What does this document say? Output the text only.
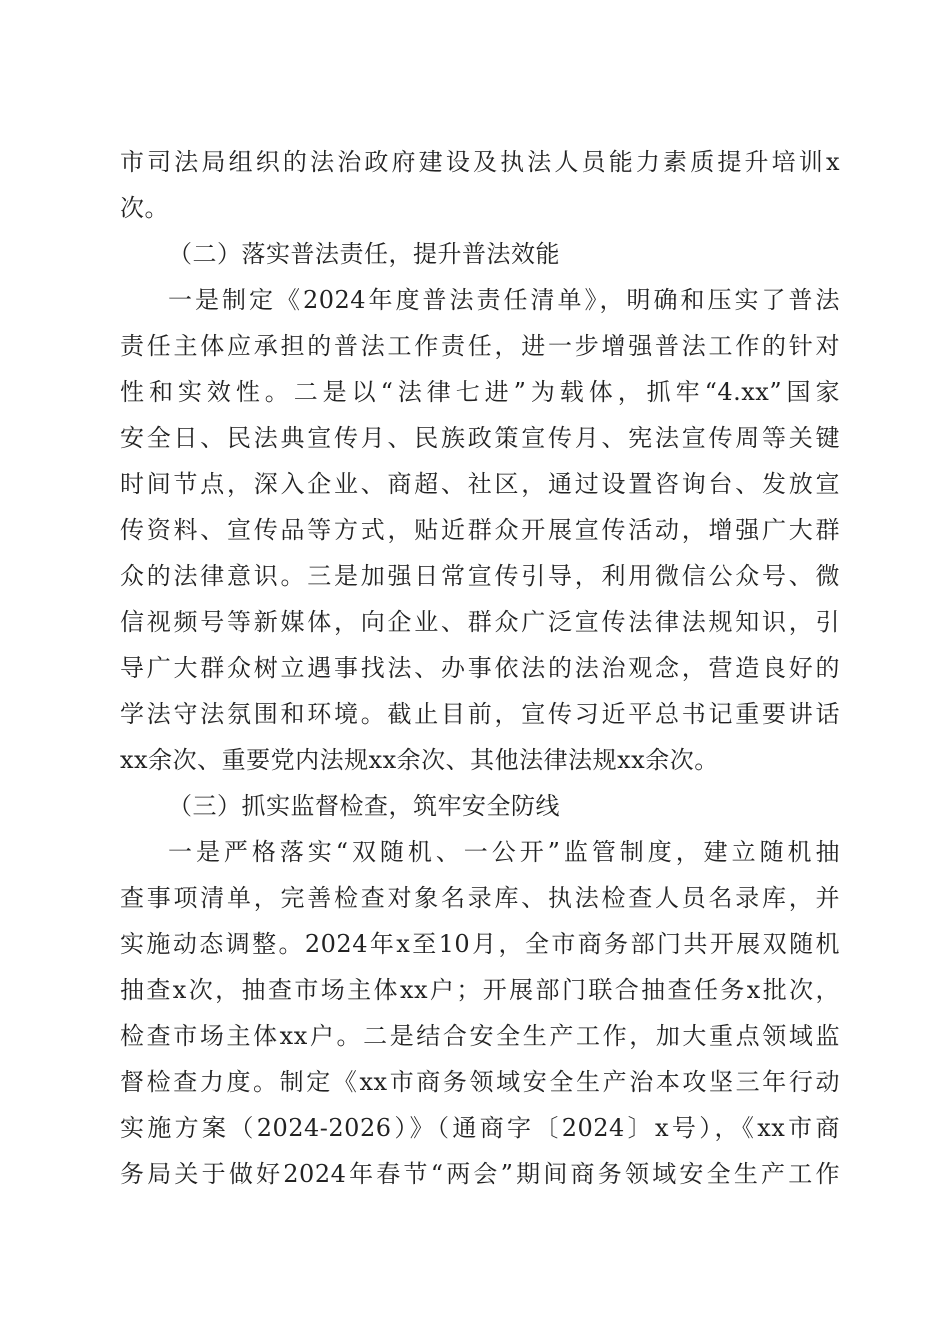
市司法局组织的法治政府建设及执法人员能力素质提升培训x
次。
（二）落实普法责任，提升普法效能
一是制定《2024年度普法责任清单》，明确和压实了普法
责任主体应承担的普法工作责任，进一步增强普法工作的针对
性和实效性。二是以“法律七进”为载体，抓牢“4.xx”国家
安全日、民法典宣传月、民族政策宣传月、宪法宣传周等关键
时间节点，深入企业、商超、社区，通过设置咨询台、发放宣
传资料、宣传品等方式，贴近群众开展宣传活动，增强广大群
众的法律意识。三是加强日常宣传引导，利用微信公众号、微
信视频号等新媒体，向企业、群众广泛宣传法律法规知识，引
导广大群众树立遇事找法、办事依法的法治观念，营造良好的
学法守法氛围和环境。截止目前，宣传习近平总书记重要讲话
xx余次、重要党内法规xx余次、其他法律法规xx余次。
（三）抓实监督检查，筑牢安全防线
一是严格落实“双随机、一公开”监管制度，建立随机抽
查事项清单，完善检查对象名录库、执法检查人员名录库，并
实施动态调整。2024年x至10月，全市商务部门共开展双随机
抽查x次，抽查市场主体xx户；开展部门联合抽查任务x批次，
检查市场主体xx户。二是结合安全生产工作，加大重点领域监
督检查力度。制定《xx市商务领域安全生产治本攻坚三年行动
实施方案（2024-2026）》（通商字〔2024〕x号），《xx市商
务局关于做好2024年春节“两会”期间商务领域安全生产工作
